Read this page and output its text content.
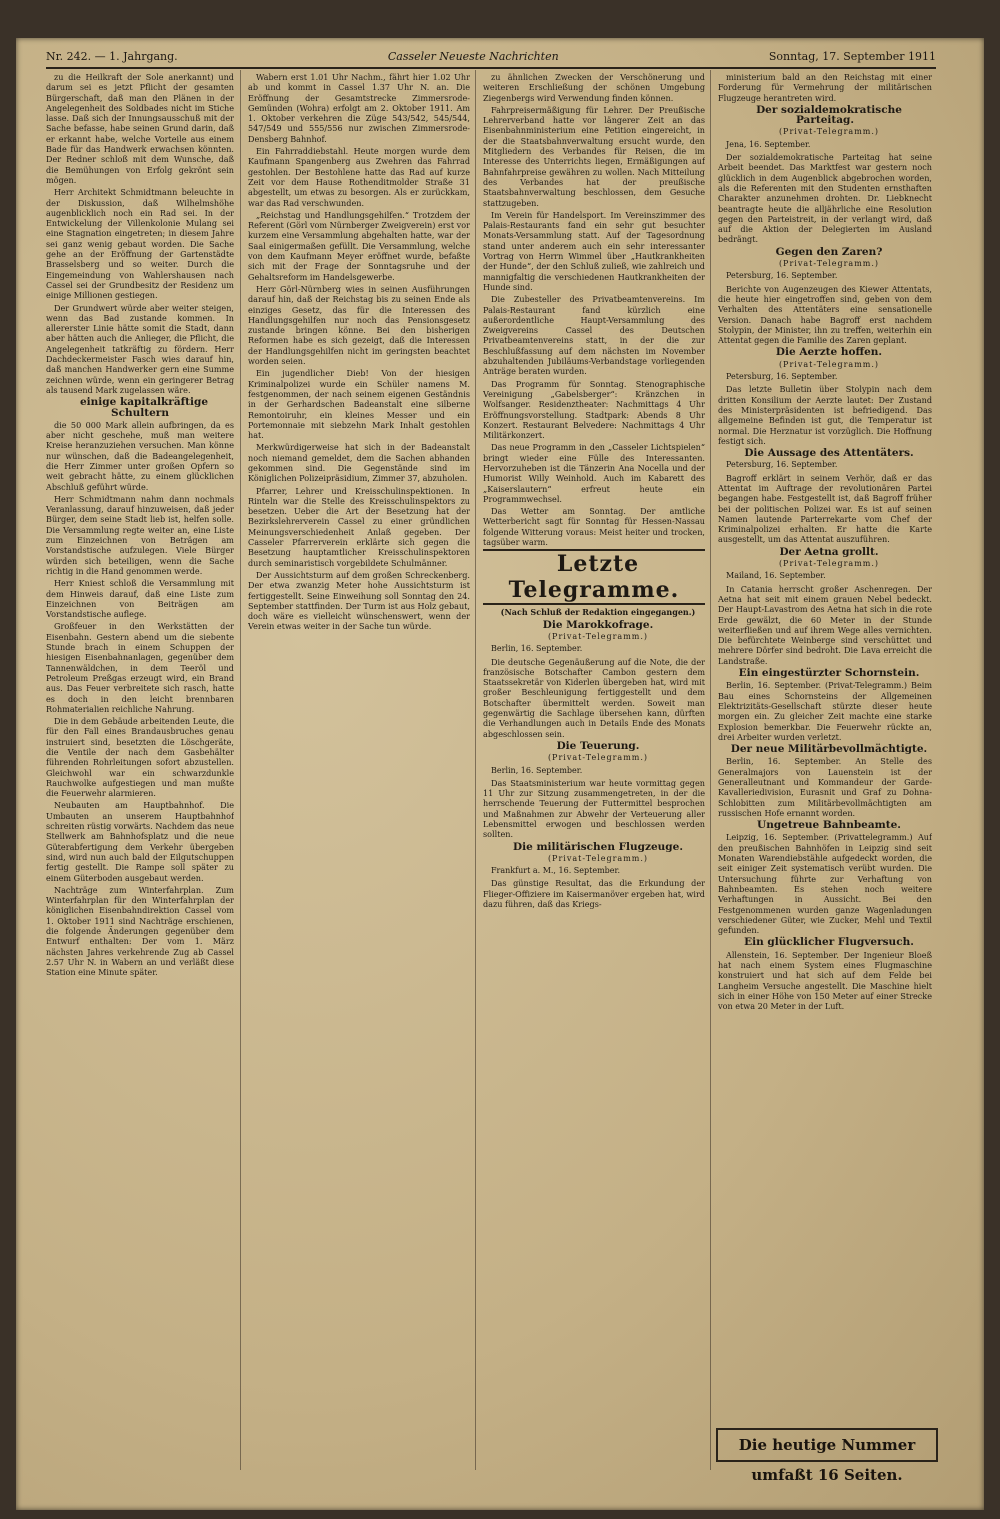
Nr. 242. — 1. Jahrgang.	Casseler Neueste Nachrichten	Sonntag, 17. September 1911

zu die Heilkraft der Sole anerkannt) und darum sei es jetzt Pflicht der gesamten Bürgerschaft, daß man den Plänen in der Angelegenheit des Soldbades nicht im Stiche lasse. Daß sich der Innungsausschuß mit der Sache befasse, habe seinen Grund darin, daß er erkannt habe, welche Vorteile aus einem Bade für das Handwerk erwachsen könnten. Der Redner schloß mit dem Wunsche, daß die Bemühungen von Erfolg gekrönt sein mögen.

Herr Architekt Schmidtmann beleuchte in der Diskussion, daß Wilhelmshöhe augenblicklich noch ein Rad sei. In der Entwickelung der Villenkolonie Mulang sei eine Stagnation eingetreten; in diesem Jahre sei ganz wenig gebaut worden. Die Sache gehe an der Eröffnung der Gartenstädte Brasselsberg und so weiter. Durch die Eingemeindung von Wahlershausen nach Cassel sei der Grundbesitz der Residenz um einige Millionen gestiegen.

Der Grundwert würde aber weiter steigen, wenn das Bad zustande kommen. In allererster Linie hätte somit die Stadt, dann aber hätten auch die Anlieger, die Pflicht, die Angelegenheit tatkräftig zu fördern. Herr Dachdeckermeister Fasch wies darauf hin, daß manchen Handwerker gern eine Summe zeichnen würde, wenn ein geringerer Betrag als tausend Mark zugelassen wäre.

einige kapitalkräftige Schultern

die 50 000 Mark allein aufbringen, da es aber nicht geschehe, muß man weitere Kreise heranzuziehen versuchen. Man könne nur wünschen, daß die Badeangelegenheit, die Herr Zimmer unter großen Opfern so weit gebracht hätte, zu einem glücklichen Abschluß geführt würde.

Herr Schmidtmann nahm dann nochmals Veranlassung, darauf hinzuweisen, daß jeder Bürger, dem seine Stadt lieb ist, helfen solle. Die Versammlung regte weiter an, eine Liste zum Einzeichnen von Beträgen am Vorstandstische aufzulegen. Viele Bürger würden sich beteiligen, wenn die Sache richtig in die Hand genommen werde.

Herr Kniest schloß die Versammlung mit dem Hinweis darauf, daß eine Liste zum Einzeichnen von Beiträgen am Vorstandstische auflege.

Großfeuer in den Werkstätten der Eisenbahn. Gestern abend um die siebente Stunde brach in einem Schuppen der hiesigen Eisenbahnanlagen, gegenüber dem Tannenwäldchen, in dem Teeröl und Petroleum Preßgas erzeugt wird, ein Brand aus. Das Feuer verbreitete sich rasch, hatte es doch in den leicht brennbaren Rohmaterialien reichliche Nahrung.

Die in dem Gebäude arbeitenden Leute, die für den Fall eines Brandausbruches genau instruiert sind, besetzten die Löschgeräte, die Ventile der nach dem Gasbehälter führenden Rohrleitungen sofort abzustellen. Gleichwohl war ein schwarzdunkle Rauchwolke aufgestiegen und man mußte die Feuerwehr alarmieren.

Neubauten am Hauptbahnhof. Die Umbauten an unserem Hauptbahnhof schreiten rüstig vorwärts. Nachdem das neue Stellwerk am Bahnhofsplatz und die neue Güterabfertigung dem Verkehr übergeben sind, wird nun auch bald der Eilgutschuppen fertig gestellt. Die Rampe soll später zu einem Güterboden ausgebaut werden.

Nachträge zum Winterfahrplan. Zum Winterfahrplan für den Winterfahrplan der königlichen Eisenbahndirektion Cassel vom 1. Oktober 1911 sind Nachträge erschienen, die folgende Änderungen gegenüber dem Entwurf enthalten: Der vom 1. März nächsten Jahres verkehrende Zug ab Cassel 2.57 Uhr N. in Wabern an und verläßt diese Station eine Minute später.

Wabern erst 1.01 Uhr Nachm., fährt hier 1.02 Uhr ab und kommt in Cassel 1.37 Uhr N. an. Die Eröffnung der Gesamtstrecke Zimmersrode-Gemünden (Wohra) erfolgt am 2. Oktober 1911. Am 1. Oktober verkehren die Züge 543/542, 545/544, 547/549 und 555/556 nur zwischen Zimmersrode-Densberg Bahnhof.

Ein Fahrraddiebstahl. Heute morgen wurde dem Kaufmann Spangenberg aus Zwehren das Fahrrad gestohlen. Der Bestohlene hatte das Rad auf kurze Zeit vor dem Hause Rothenditmolder Straße 31 abgestellt, um etwas zu besorgen. Als er zurückkam, war das Rad verschwunden.

„Reichstag und Handlungsgehilfen.“ Trotzdem der Referent (Görl vom Nürnberger Zweigverein) erst vor kurzem eine Versammlung abgehalten hatte, war der Saal einigermaßen gefüllt. Die Versammlung, welche von dem Kaufmann Meyer eröffnet wurde, befaßte sich mit der Frage der Sonntagsruhe und der Gehaltsreform im Handelsgewerbe.

Herr Görl-Nürnberg wies in seinen Ausführungen darauf hin, daß der Reichstag bis zu seinen Ende als einziges Gesetz, das für die Interessen des Handlungsgehilfen nur noch das Pensionsgesetz zustande bringen könne. Bei den bisherigen Reformen habe es sich gezeigt, daß die Interessen der Handlungsgehilfen nicht im geringsten beachtet worden seien.

Ein jugendlicher Dieb! Von der hiesigen Kriminalpolizei wurde ein Schüler namens M. festgenommen, der nach seinem eigenen Geständnis in der Gerhardschen Badeanstalt eine silberne Remontoiruhr, ein kleines Messer und ein Portemonnaie mit siebzehn Mark Inhalt gestohlen hat.

Merkwürdigerweise hat sich in der Badeanstalt noch niemand gemeldet, dem die Sachen abhanden gekommen sind. Die Gegenstände sind im Königlichen Polizeipräsidium, Zimmer 37, abzuholen.

Pfarrer, Lehrer und Kreisschulinspektionen. In Rinteln war die Stelle des Kreisschulinspektors zu besetzen. Ueber die Art der Besetzung hat der Bezirkslehrerverein Cassel zu einer gründlichen Meinungsverschiedenheit Anlaß gegeben. Der Casseler Pfarrerverein erklärte sich gegen die Besetzung hauptamtlicher Kreisschulinspektoren durch seminaristisch vorgebildete Schulmänner.

Der Aussichtsturm auf dem großen Schreckenberg. Der etwa zwanzig Meter hohe Aussichtsturm ist fertiggestellt. Seine Einweihung soll Sonntag den 24. September stattfinden. Der Turm ist aus Holz gebaut, doch wäre es vielleicht wünschenswert, wenn der Verein etwas weiter in der Sache tun würde.

zu ähnlichen Zwecken der Verschönerung und weiteren Erschließung der schönen Umgebung Ziegenbergs wird Verwendung finden können.

Fahrpreisermäßigung für Lehrer. Der Preußische Lehrerverband hatte vor längerer Zeit an das Eisenbahnministerium eine Petition eingereicht, in der die Staatsbahnverwaltung ersucht wurde, den Mitgliedern des Verbandes für Reisen, die im Interesse des Unterrichts liegen, Ermäßigungen auf Bahnfahrpreise gewähren zu wollen. Nach Mitteilung des Verbandes hat der preußische Staatsbahnverwaltung beschlossen, dem Gesuche stattzugeben.

Im Verein für Handelsport. Im Vereinszimmer des Palais-Restaurants fand ein sehr gut besuchter Monats-Versammlung statt. Auf der Tagesordnung stand unter anderem auch ein sehr interessanter Vortrag von Herrn Wimmel über „Hautkrankheiten der Hunde“, der den Schluß zuließ, wie zahlreich und mannigfaltig die verschiedenen Hautkrankheiten der Hunde sind.

Die Zubesteller des Privatbeamtenvereins. Im Palais-Restaurant fand kürzlich eine außerordentliche Haupt-Versammlung des Zweigvereins Cassel des Deutschen Privatbeamtenvereins statt, in der die zur Beschlußfassung auf dem nächsten im November abzuhaltenden Jubiläums-Verbandstage vorliegenden Anträge beraten wurden.

Das Programm für Sonntag. Stenographische Vereinigung „Gabelsberger“: Kränzchen in Wolfsanger. Residenztheater: Nachmittags 4 Uhr Eröffnungsvorstellung. Stadtpark: Abends 8 Uhr Konzert. Restaurant Belvedere: Nachmittags 4 Uhr Militärkonzert.

Das neue Programm in den „Casseler Lichtspielen“ bringt wieder eine Fülle des Interessanten. Hervorzuheben ist die Tänzerin Ana Nocella und der Humorist Willy Weinhold. Auch im Kabarett des „Kaiserslautern“ erfreut heute ein Programmwechsel.

Das Wetter am Sonntag. Der amtliche Wetterbericht sagt für Sonntag für Hessen-Nassau folgende Witterung voraus: Meist heiter und trocken, tagsüber warm.

Letzte Telegramme.

(Nach Schluß der Redaktion eingegangen.)

Die Marokkofrage.

(Privat-Telegramm.)

Berlin, 16. September.

Die deutsche Gegenäußerung auf die Note, die der französische Botschafter Cambon gestern dem Staatssekretär von Kiderlen übergeben hat, wird mit großer Beschleunigung fertiggestellt und dem Botschafter übermittelt werden. Soweit man gegenwärtig die Sachlage übersehen kann, dürften die Verhandlungen auch in Details Ende des Monats abgeschlossen sein.

Die Teuerung.

(Privat-Telegramm.)

Berlin, 16. September.

Das Staatsministerium war heute vormittag gegen 11 Uhr zur Sitzung zusammengetreten, in der die herrschende Teuerung der Futtermittel besprochen und Maßnahmen zur Abwehr der Verteuerung aller Lebensmittel erwogen und beschlossen werden sollten.

Die militärischen Flugzeuge.

(Privat-Telegramm.)

Frankfurt a. M., 16. September.

Das günstige Resultat, das die Erkundung der Flieger-Offiziere im Kaisermanöver ergeben hat, wird dazu führen, daß das Kriegs-

ministerium bald an den Reichstag mit einer Forderung für Vermehrung der militärischen Flugzeuge herantreten wird.

Der sozialdemokratische Parteitag.

(Privat-Telegramm.)

Jena, 16. September.

Der sozialdemokratische Parteitag hat seine Arbeit beendet. Das Marktfest war gestern noch glücklich in dem Augenblick abgebrochen worden, als die Referenten mit den Studenten ernsthaften Charakter anzunehmen drohten. Dr. Liebknecht beantragte heute die alljährliche eine Resolution gegen den Parteistreit, in der verlangt wird, daß auf die Aktion der Delegierten im Ausland bedrängt.

Gegen den Zaren?

(Privat-Telegramm.)

Petersburg, 16. September.

Berichte von Augenzeugen des Kiewer Attentats, die heute hier eingetroffen sind, geben von dem Verhalten des Attentäters eine sensationelle Version. Danach habe Bagroff erst nachdem Stolypin, der Minister, ihn zu treffen, weiterhin ein Attentat gegen die Familie des Zaren geplant.

Die Aerzte hoffen.

(Privat-Telegramm.)

Petersburg, 16. September.

Das letzte Bulletin über Stolypin nach dem dritten Konsilium der Aerzte lautet: Der Zustand des Ministerpräsidenten ist befriedigend. Das allgemeine Befinden ist gut, die Temperatur ist normal. Die Herznatur ist vorzüglich. Die Hoffnung festigt sich.

Die Aussage des Attentäters.

Petersburg, 16. September.

Bagroff erklärt in seinem Verhör, daß er das Attentat im Auftrage der revolutionären Partei begangen habe. Festgestellt ist, daß Bagroff früher bei der politischen Polizei war. Es ist auf seinen Namen lautende Parterrekarte vom Chef der Kriminalpolizei erhalten. Er hatte die Karte ausgestellt, um das Attentat auszuführen.

Der Aetna grollt.

(Privat-Telegramm.)

Mailand, 16. September.

In Catania herrscht großer Aschenregen. Der Aetna hat seit mit einem grauen Nebel bedeckt. Der Haupt-Lavastrom des Aetna hat sich in die rote Erde gewälzt, die 60 Meter in der Stunde weiterfließen und auf ihrem Wege alles vernichten. Die befürchtete Weinberge sind verschüttet und mehrere Dörfer sind bedroht. Die Lava erreicht die Landstraße.

Ein eingestürzter Schornstein.

Berlin, 16. September. (Privat-Telegramm.) Beim Bau eines Schornsteins der Allgemeinen Elektrizitäts-Gesellschaft stürzte dieser heute morgen ein. Zu gleicher Zeit machte eine starke Explosion bemerkbar. Die Feuerwehr rückte an, drei Arbeiter wurden verletzt.

Der neue Militärbevollmächtigte.

Berlin, 16. September. An Stelle des Generalmajors von Lauenstein ist der Generalleutnant und Kommandeur der Garde-Kavalleriedivision, Eurasnit und Graf zu Dohna-Schlobitten zum Militärbevollmächtigten am russischen Hofe ernannt worden.

Ungetreue Bahnbeamte.

Leipzig, 16. September. (Privattelegramm.) Auf den preußischen Bahnhöfen in Leipzig sind seit Monaten Warendiebstähle aufgedeckt worden, die seit einiger Zeit systematisch verübt wurden. Die Untersuchung führte zur Verhaftung von Bahnbeamten. Es stehen noch weitere Verhaftungen in Aussicht. Bei den Festgenommenen wurden ganze Wagenladungen verschiedener Güter, wie Zucker, Mehl und Textil gefunden.

Ein glücklicher Flugversuch.

Allenstein, 16. September. Der Ingenieur Bloeß hat nach einem System eines Flugmaschine konstruiert und hat sich auf dem Felde bei Langheim Versuche angestellt. Die Maschine hielt sich in einer Höhe von 150 Meter auf einer Strecke von etwa 20 Meter in der Luft.

Die heutige Nummer umfaßt 16 Seiten.
